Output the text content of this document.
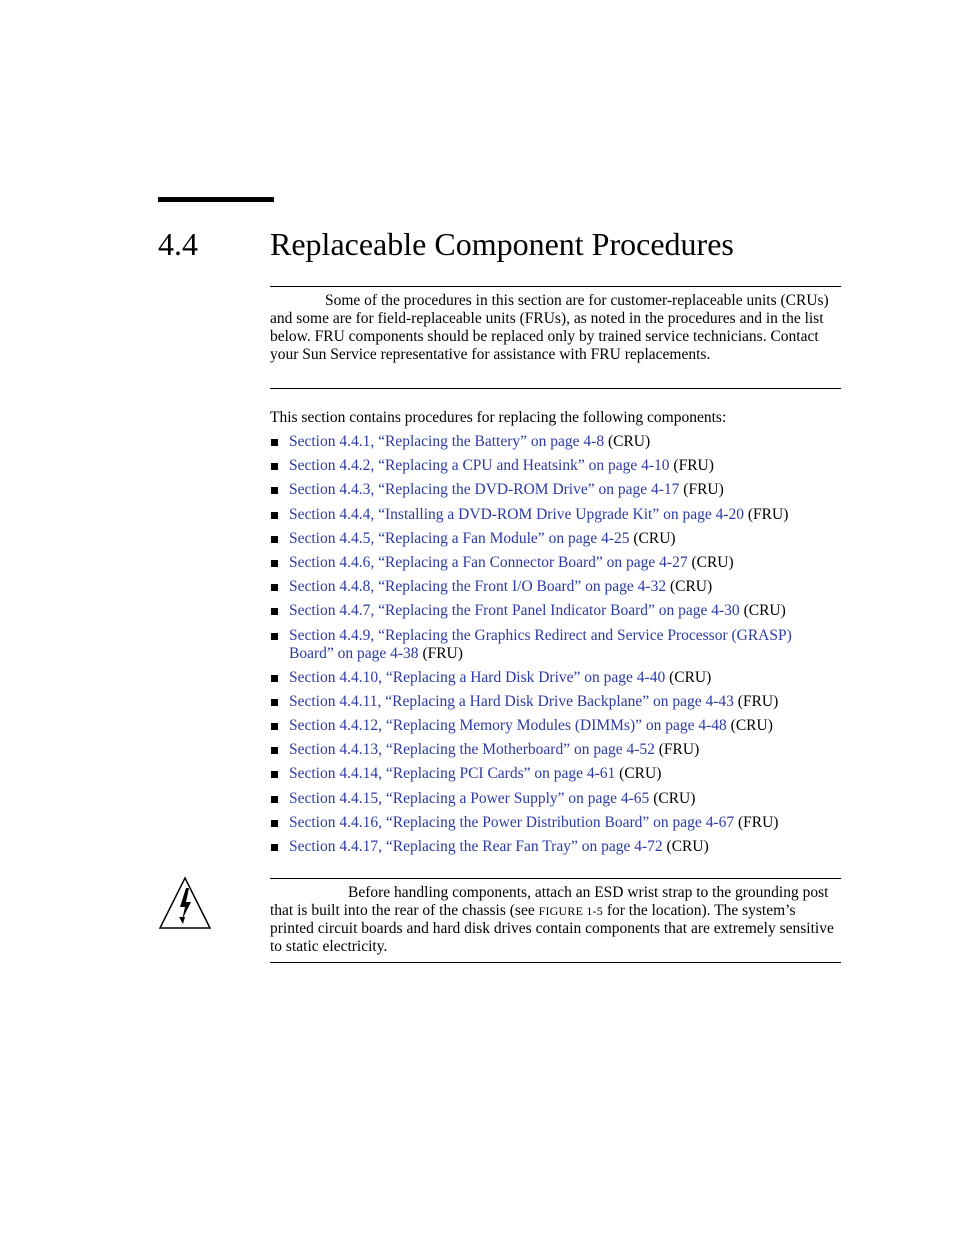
4.4 Replaceable Component Procedures

Some of the procedures in this section are for customer-replaceable units (CRUs) and some are for field-replaceable units (FRUs), as noted in the procedures and in the list below. FRU components should be replaced only by trained service technicians. Contact your Sun Service representative for assistance with FRU replacements.

This section contains procedures for replacing the following components:

Section 4.4.1, “Replacing the Battery” on page 4-8 (CRU)
Section 4.4.2, “Replacing a CPU and Heatsink” on page 4-10 (FRU)
Section 4.4.3, “Replacing the DVD-ROM Drive” on page 4-17 (FRU)
Section 4.4.4, “Installing a DVD-ROM Drive Upgrade Kit” on page 4-20 (FRU)
Section 4.4.5, “Replacing a Fan Module” on page 4-25 (CRU)
Section 4.4.6, “Replacing a Fan Connector Board” on page 4-27 (CRU)
Section 4.4.8, “Replacing the Front I/O Board” on page 4-32 (CRU)
Section 4.4.7, “Replacing the Front Panel Indicator Board” on page 4-30 (CRU)
Section 4.4.9, “Replacing the Graphics Redirect and Service Processor (GRASP) Board” on page 4-38 (FRU)
Section 4.4.10, “Replacing a Hard Disk Drive” on page 4-40 (CRU)
Section 4.4.11, “Replacing a Hard Disk Drive Backplane” on page 4-43 (FRU)
Section 4.4.12, “Replacing Memory Modules (DIMMs)” on page 4-48 (CRU)
Section 4.4.13, “Replacing the Motherboard” on page 4-52 (FRU)
Section 4.4.14, “Replacing PCI Cards” on page 4-61 (CRU)
Section 4.4.15, “Replacing a Power Supply” on page 4-65 (CRU)
Section 4.4.16, “Replacing the Power Distribution Board” on page 4-67 (FRU)
Section 4.4.17, “Replacing the Rear Fan Tray” on page 4-72 (CRU)

Before handling components, attach an ESD wrist strap to the grounding post that is built into the rear of the chassis (see FIGURE 1-5 for the location). The system’s printed circuit boards and hard disk drives contain components that are extremely sensitive to static electricity.
